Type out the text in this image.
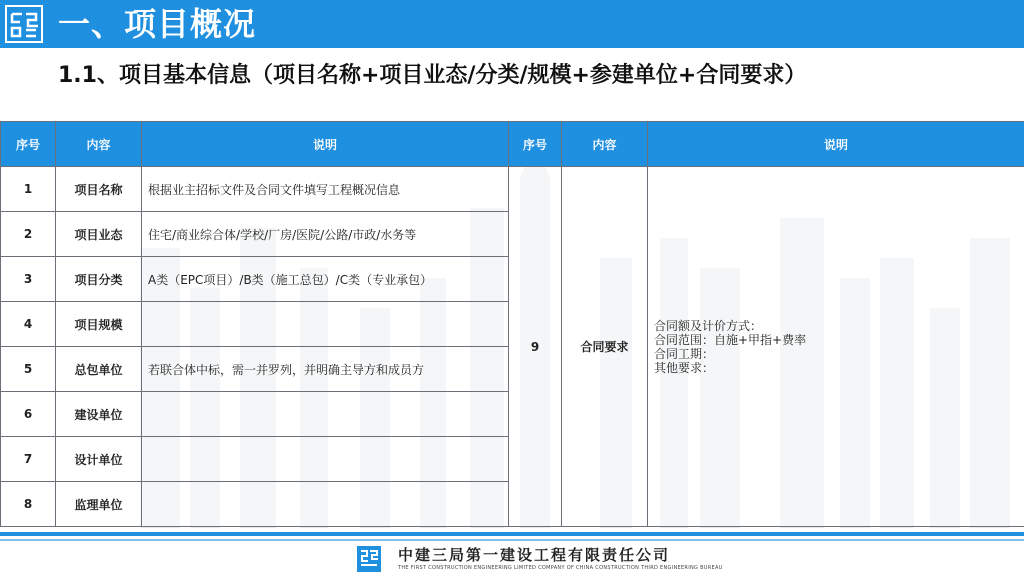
一、项目概况
1.1、项目基本信息（项目名称+项目业态/分类/规模+参建单位+合同要求）
序号	内容	说明	序号	内容	说明
1	项目名称	根据业主招标文件及合同文件填写工程概况信息	9	合同要求	合同额及计价方式：
合同范围：自施+甲指+费率
合同工期：
其他要求：

2	项目业态	住宅/商业综合体/学校/厂房/医院/公路/市政/水务等			
3	项目分类	A类（EPC项目）/B类（施工总包）/C类（专业承包）			
4	项目规模				
5	总包单位	若联合体中标，需一并罗列，并明确主导方和成员方			
6	建设单位				
7	设计单位				
8	监理单位				
中建三局第一建设工程有限责任公司
THE FIRST CONSTRUCTION ENGINEERING LIMITED COMPANY OF CHINA CONSTRUCTION THIRD ENGINEERING BUREAU
